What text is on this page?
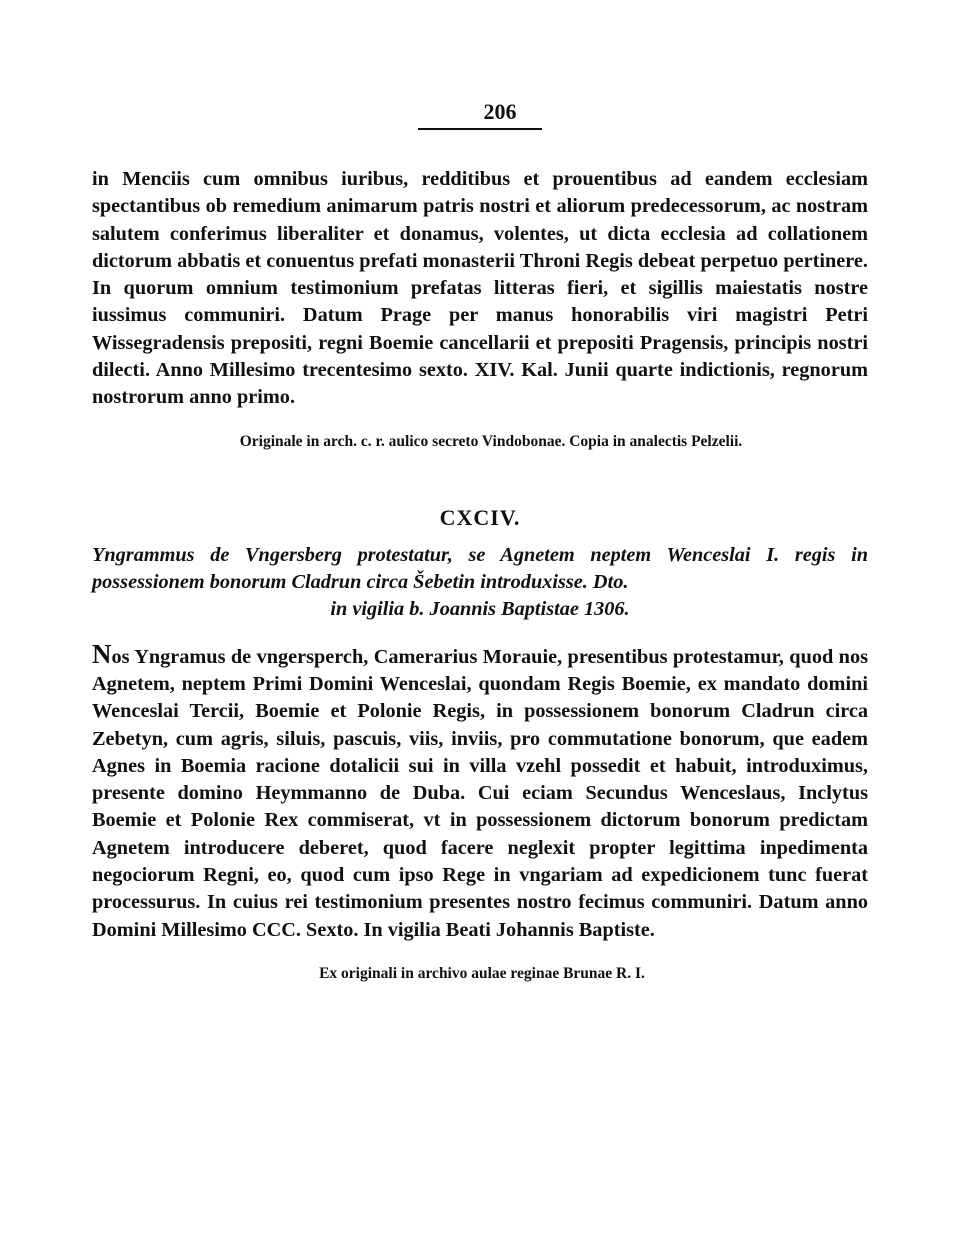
206

in Menciis cum omnibus iuribus, redditibus et prouentibus ad eandem ecclesiam spectantibus ob remedium animarum patris nostri et aliorum predecessorum, ac nostram salutem conferimus liberaliter et donamus, volentes, ut dicta ecclesia ad collationem dictorum abbatis et conuentus prefati monasterii Throni Regis debeat perpetuo pertinere. In quorum omnium testimonium prefatas litteras fieri, et sigillis maiestatis nostre iussimus communiri. Datum Prage per manus honorabilis viri magistri Petri Wissegradensis prepositi, regni Boemie cancellarii et prepositi Pragensis, principis nostri dilecti. Anno Millesimo trecentesimo sexto. XIV. Kal. Junii quarte indictionis, regnorum nostrorum anno primo.

Originale in arch. c. r. aulico secreto Vindobonae. Copia in analectis Pelzelii.

CXCIV.

Yngrammus de Vngersberg protestatur, se Agnetem neptem Wenceslai I. regis in possessionem bonorum Cladrun circa Šebetin introduxisse. Dto.

in vigilia b. Joannis Baptistae 1306.

Nos Yngramus de vngersperch, Camerarius Morauie, presentibus protestamur, quod nos Agnetem, neptem Primi Domini Wenceslai, quondam Regis Boemie, ex mandato domini Wenceslai Tercii, Boemie et Polonie Regis, in possessionem bonorum Cladrun circa Zebetyn, cum agris, siluis, pascuis, viis, inviis, pro commutatione bonorum, que eadem Agnes in Boemia racione dotalicii sui in villa vzehl possedit et habuit, introduximus, presente domino Heymmanno de Duba. Cui eciam Secundus Wenceslaus, Inclytus Boemie et Polonie Rex commiserat, vt in possessionem dictorum bonorum predictam Agnetem introducere deberet, quod facere neglexit propter legittima inpedimenta negociorum Regni, eo, quod cum ipso Rege in vngariam ad expedicionem tunc fuerat processurus. In cuius rei testimonium presentes nostro fecimus communiri. Datum anno Domini Millesimo CCC. Sexto. In vigilia Beati Johannis Baptiste.

Ex originali in archivo aulae reginae Brunae R. I.
